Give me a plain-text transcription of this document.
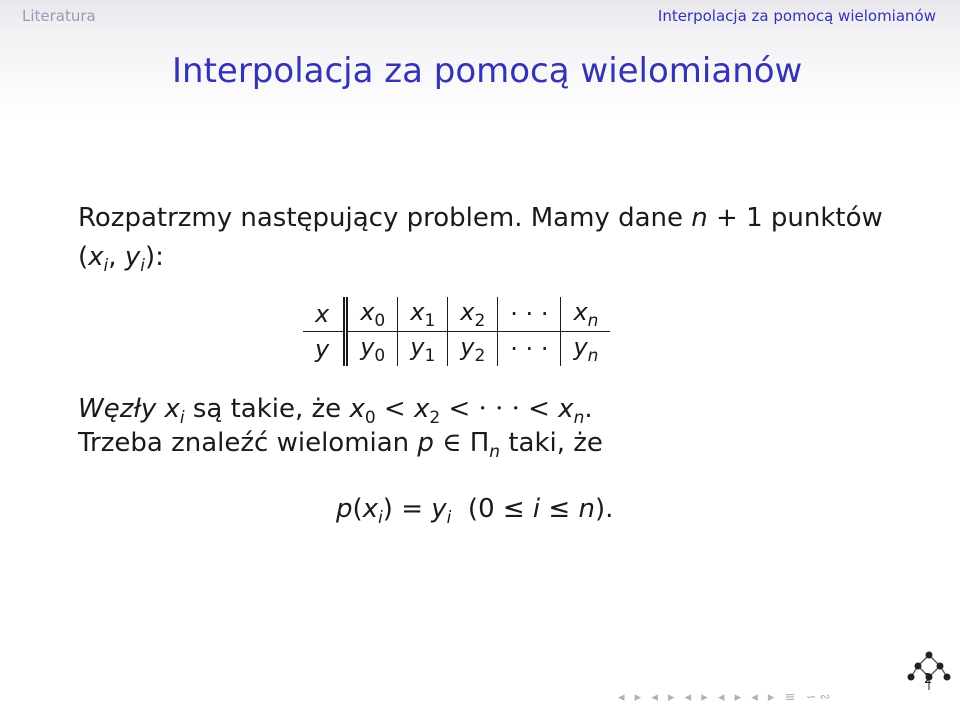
Literatura	Interpolacja za pomocą wielomianów
Interpolacja za pomocą wielomianów
Rozpatrzmy następujący problem. Mamy dane n + 1 punktów
($x_i$, $y_i$):
x	$x_0$	$x_1$	$x_2$	· · ·	$x_n$
y	$y_0$	$y_1$	$y_2$	· · ·	$y_n$
Węzły $x_i$ są takie, że $x_0 < x_2$ < · · · < $x_n$.
Trzeba znaleźć wielomian p ∈ $\Pi_n$ taki, że
$p(x_i) = y_i$  (0 ≤ i ≤ n).
2
◂ ▸ ◂ ▸ ◂ ▸ ◂ ▸ ◂ ▸ ≡ ∽∾
